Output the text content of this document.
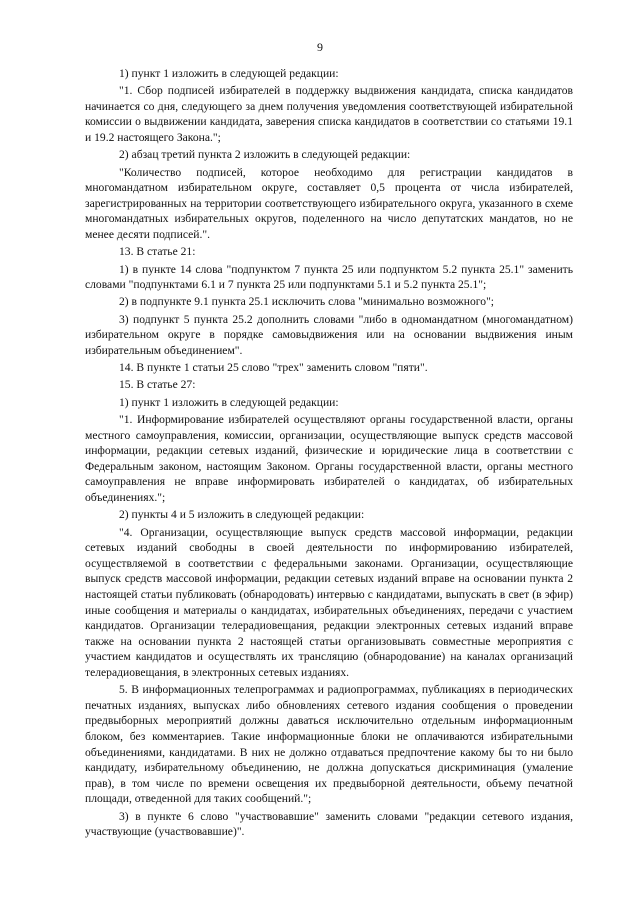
9

1) пункт 1 изложить в следующей редакции:

"1. Сбор подписей избирателей в поддержку выдвижения кандидата, списка кандидатов начинается со дня, следующего за днем получения уведомления соответствующей избирательной комиссии о выдвижении кандидата, заверения списка кандидатов в соответствии со статьями 19.1 и 19.2 настоящего Закона.";

2) абзац третий пункта 2 изложить в следующей редакции:

"Количество подписей, которое необходимо для регистрации кандидатов в многомандатном избирательном округе, составляет 0,5 процента от числа избирателей, зарегистрированных на территории соответствующего избирательного округа, указанного в схеме многомандатных избирательных округов, поделенного на число депутатских мандатов, но не менее десяти подписей.".

13. В статье 21:

1) в пункте 14 слова "подпунктом 7 пункта 25 или подпунктом 5.2 пункта 25.1" заменить словами "подпунктами 6.1 и 7 пункта 25 или подпунктами 5.1 и 5.2 пункта 25.1";

2) в подпункте 9.1 пункта 25.1 исключить слова "минимально возможного";

3) подпункт 5 пункта 25.2 дополнить словами "либо в одномандатном (многомандатном) избирательном округе в порядке самовыдвижения или на основании выдвижения иным избирательным объединением".

14. В пункте 1 статьи 25 слово "трех" заменить словом "пяти".

15. В статье 27:

1) пункт 1 изложить в следующей редакции:

"1. Информирование избирателей осуществляют органы государственной власти, органы местного самоуправления, комиссии, организации, осуществляющие выпуск средств массовой информации, редакции сетевых изданий, физические и юридические лица в соответствии с Федеральным законом, настоящим Законом. Органы государственной власти, органы местного самоуправления не вправе информировать избирателей о кандидатах, об избирательных объединениях.";

2) пункты 4 и 5 изложить в следующей редакции:

"4. Организации, осуществляющие выпуск средств массовой информации, редакции сетевых изданий свободны в своей деятельности по информированию избирателей, осуществляемой в соответствии с федеральными законами. Организации, осуществляющие выпуск средств массовой информации, редакции сетевых изданий вправе на основании пункта 2 настоящей статьи публиковать (обнародовать) интервью с кандидатами, выпускать в свет (в эфир) иные сообщения и материалы о кандидатах, избирательных объединениях, передачи с участием кандидатов. Организации телерадиовещания, редакции электронных сетевых изданий вправе также на основании пункта 2 настоящей статьи организовывать совместные мероприятия с участием кандидатов и осуществлять их трансляцию (обнародование) на каналах организаций телерадиовещания, в электронных сетевых изданиях.

5. В информационных телепрограммах и радиопрограммах, публикациях в периодических печатных изданиях, выпусках либо обновлениях сетевого издания сообщения о проведении предвыборных мероприятий должны даваться исключительно отдельным информационным блоком, без комментариев. Такие информационные блоки не оплачиваются избирательными объединениями, кандидатами. В них не должно отдаваться предпочтение какому бы то ни было кандидату, избирательному объединению, не должна допускаться дискриминация (умаление прав), в том числе по времени освещения их предвыборной деятельности, объему печатной площади, отведенной для таких сообщений.";

3) в пункте 6 слово "участвовавшие" заменить словами "редакции сетевого издания, участвующие (участвовавшие)".
